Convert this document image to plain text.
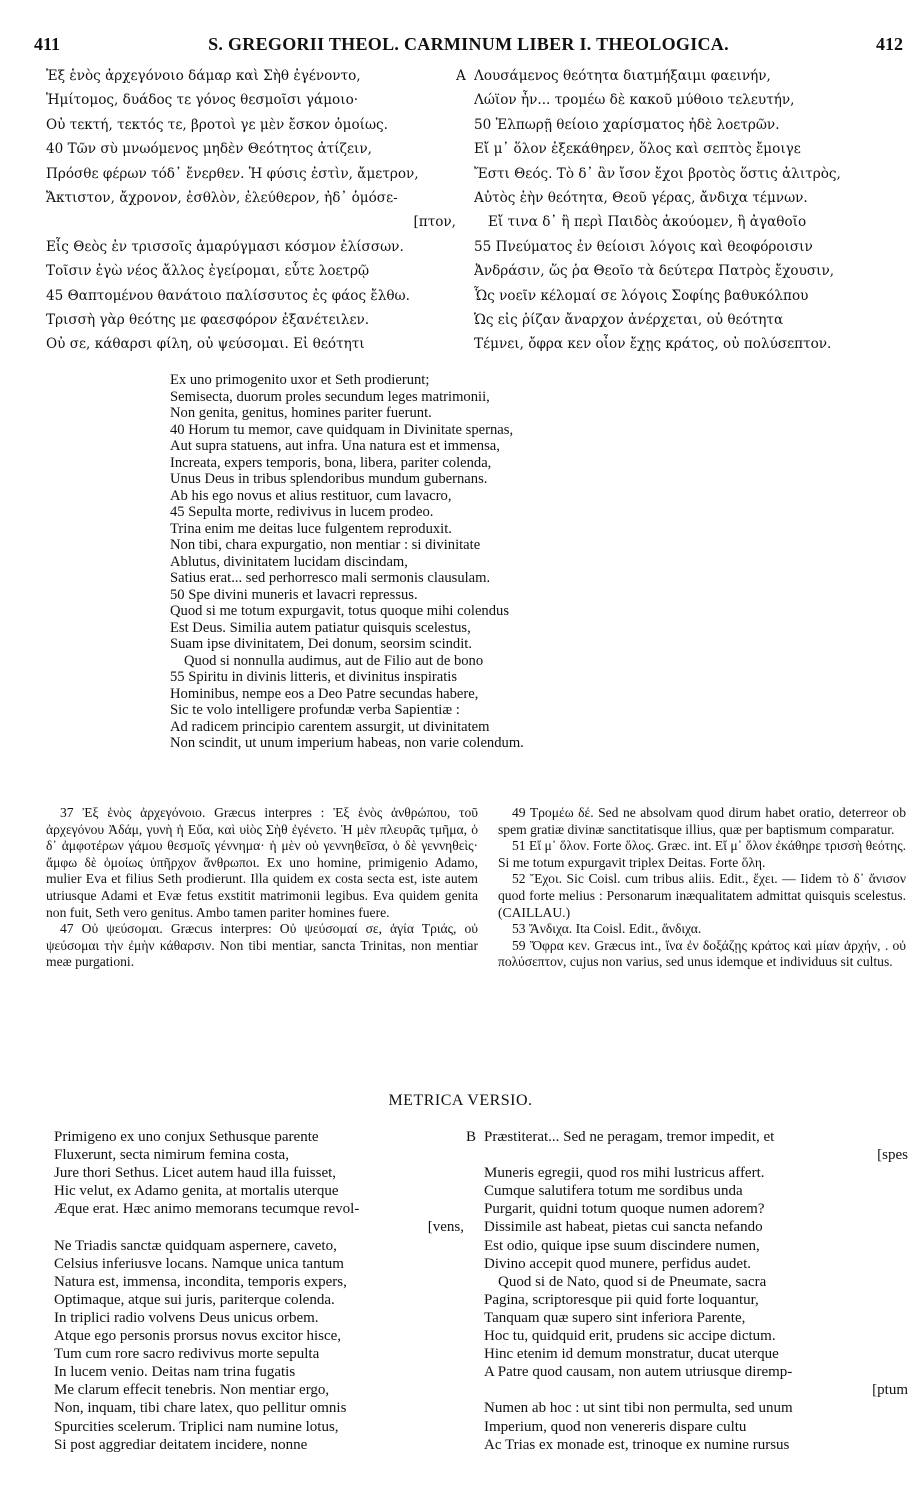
411	S. GREGORII THEOL. CARMINUM LIBER I. THEOLOGICA.	412
Ἐξ ἑνὸς ἀρχεγόνοιο δάμαρ καὶ Σὴθ ἐγένοντο,
Ἡμίτομος, δυάδος τε γόνος θεσμοῖσι γάμοιο·
Οὐ τεκτή, τεκτός τε, βροτοὶ γε μὲν ἔσκον ὁμοίως.
40 Τῶν σὺ μνωόμενος μηδὲν Θεότητος ἀτίζειν,
Πρόσθε φέρων τόδ᾽ ἔνερθεν. Ἡ φύσις ἐστὶν, ἄμετρον,
Ἄκτιστον, ἄχρονον, ἐσθλὸν, ἐλεύθερον, ἠδ᾽ ὁμόσε-
[πτον,
Εἷς Θεὸς ἐν τρισσοῖς ἀμαρύγμασι κόσμον ἐλίσσων.
Τοῖσιν ἐγὼ νέος ἄλλος ἐγείρομαι, εὖτε λοετρῷ
45 Θαπτομένου θανάτοιο παλίσσυτος ἐς φάος ἔλθω.
Τρισσὴ γὰρ θεότης με φαεσφόρον ἐξανέτειλεν.
Οὐ σε, κάθαρσι φίλη, οὐ ψεύσομαι. Εἰ θεότητι
A Λουσάμενος θεότητα διατμήξαιμι φαεινήν,
Λώϊον ἦν... τρομέω δὲ κακοῦ μύθοιο τελευτήν,
50 Ἐλπωρῇ θείοιο χαρίσματος ἠδὲ λοετρῶν.
Εἴ μ᾽ ὅλον ἐξεκάθηρεν, ὅλος καὶ σεπτὸς ἔμοιγε
Ἔστι Θεός. Τὸ δ᾽ ἂν ἴσον ἔχοι βροτὸς ὅστις ἀλιτρὸς,
Αὐτὸς ἑὴν θεότητα, Θεοῦ γέρας, ἄνδιχα τέμνων.
Εἴ τινα δ᾽ ἢ περὶ Παιδὸς ἀκούομεν, ἢ ἀγαθοῖο
55 Πνεύματος ἐν θείοισι λόγοις καὶ θεοφόροισιν
Ἀνδράσιν, ὥς ῥα Θεοῖο τὰ δεύτερα Πατρὸς ἔχουσιν,
Ὧς νοεῖν κέλομαί σε λόγοις Σοφίης βαθυκόλπου
Ὡς εἰς ῥίζαν ἄναρχον ἀνέρχεται, οὐ θεότητα
Τέμνει, ὄφρα κεν οἶον ἔχῃς κράτος, οὐ πολύσεπτον.
Ex uno primogenito uxor et Seth prodierunt;
Semisecta, duorum proles secundum leges matrimonii,
Non genita, genitus, homines pariter fuerunt.
40 Horum tu memor, cave quidquam in Divinitate spernas,
Aut supra statuens, aut infra. Una natura est et immensa,
Increata, expers temporis, bona, libera, pariter colenda,
Unus Deus in tribus splendoribus mundum gubernans.
Ab his ego novus et alius restituor, cum lavacro,
45 Sepulta morte, redivivus in lucem prodeo.
Trina enim me deitas luce fulgentem reproduxit.
Non tibi, chara expurgatio, non mentiar : si divinitate
Ablutus, divinitatem lucidam discindam,
Satius erat... sed perhorresco mali sermonis clausulam.
50 Spe divini muneris et lavacri repressus.
Quod si me totum expurgavit, totus quoque mihi colendus
Est Deus. Similia autem patiatur quisquis scelestus,
Suam ipse divinitatem, Dei donum, seorsim scindit.
Quod si nonnulla audimus, aut de Filio aut de bono
55 Spiritu in divinis litteris, et divinitus inspiratis
Hominibus, nempe eos a Deo Patre secundas habere,
Sic te volo intelligere profundæ verba Sapientiæ :
Ad radicem principio carentem assurgit, ut divinitatem
Non scindit, ut unum imperium habeas, non varie colendum.

37 Ἐξ ἑνὸς ἀρχεγόνοιο. Græcus interpres : Ἐξ ἑνὸς ἀνθρώπου, τοῦ ἀρχεγόνου Ἀδάμ, γυνὴ ἡ Εὔα, καὶ υἱὸς Σὴθ ἐγένετο. Ἡ μὲν πλευρᾶς τμῆμα, ὁ δ᾽ ἀμφοτέρων γάμου θεσμοῖς γέννημα· ἡ μὲν οὐ γεννηθεῖσα, ὁ δὲ γεννηθεὶς· ἄμφω δὲ ὁμοίως ὑπῆρχον ἄνθρωποι. Ex uno homine, primigenio Adamo, mulier Eva et filius Seth prodierunt. Illa quidem ex costa secta est, iste autem utriusque Adami et Evæ fetus exstitit matrimonii legibus. Eva quidem genita non fuit, Seth vero genitus. Ambo tamen pariter homines fuere.

47 Οὐ ψεύσομαι. Græcus interpres: Οὐ ψεύσομαί σε, ἁγία Τριάς, οὐ ψεύσομαι τὴν ἐμὴν κάθαρσιν. Non tibi mentiar, sancta Trinitas, non mentiar meæ purgationi.

49 Τρομέω δέ. Sed ne absolvam quod dirum habet oratio, deterreor ob spem gratiæ divinæ sanctitatisque illius, quæ per baptismum comparatur.

51 Εἴ μ᾽ ὅλον. Forte ὅλος. Græc. int. Εἴ μ᾽ ὅλον ἐκάθηρε τρισσὴ θεότης. Si me totum expurgavit triplex Deitas. Forte ὅλη.

52 Ἔχοι. Sic Coisl. cum tribus aliis. Edit., ἔχει. — Iidem τὸ δ᾽ ἄνισον quod forte melius : Personarum inæqualitatem admittat quisquis scelestus. (CAILLAU.)

53 Ἄνδιχα. Ita Coisl. Edit., ἄνδιχα.

59 Ὄφρα κεν. Græcus int., ἵνα ἐν δοξάζῃς κράτος καὶ μίαν ἀρχήν, . οὐ πολύσεπτον, cujus non varius, sed unus idemque et individuus sit cultus.

METRICA VERSIO.
Primigeno ex uno conjux Sethusque parente
Fluxerunt, secta nimirum femina costa,
Jure thori Sethus. Licet autem haud illa fuisset,
Hic velut, ex Adamo genita, at mortalis uterque
Æque erat. Hæc animo memorans tecumque revol-
[vens,
Ne Triadis sanctæ quidquam aspernere, caveto,
Celsius inferiusve locans. Namque unica tantum
Natura est, immensa, incondita, temporis expers,
Optimaque, atque sui juris, pariterque colenda.
In triplici radio volvens Deus unicus orbem.
Atque ego personis prorsus novus excitor hisce,
Tum cum rore sacro redivivus morte sepulta
In lucem venio. Deitas nam trina fugatis
Me clarum effecit tenebris. Non mentiar ergo,
Non, inquam, tibi chare latex, quo pellitur omnis
Spurcities scelerum. Triplici nam numine lotus,
Si post aggrediar deitatem incidere, nonne
B Præstiterat... Sed ne peragam, tremor impedit, et
[spes
Muneris egregii, quod ros mihi lustricus affert.
Cumque salutifera totum me sordibus unda
Purgarit, quidni totum quoque numen adorem?
Dissimile ast habeat, pietas cui sancta nefando
Est odio, quique ipse suum discindere numen,
Divino accepit quod munere, perfidus audet.
Quod si de Nato, quod si de Pneumate, sacra
Pagina, scriptoresque pii quid forte loquantur,
Tanquam quæ supero sint inferiora Parente,
Hoc tu, quidquid erit, prudens sic accipe dictum.
Hinc etenim id demum monstratur, ducat uterque
A Patre quod causam, non autem utriusque diremp-
[ptum
Numen ab hoc : ut sint tibi non permulta, sed unum
Imperium, quod non venereris dispare cultu
Ac Trias ex monade est, trinoque ex numine rursus
